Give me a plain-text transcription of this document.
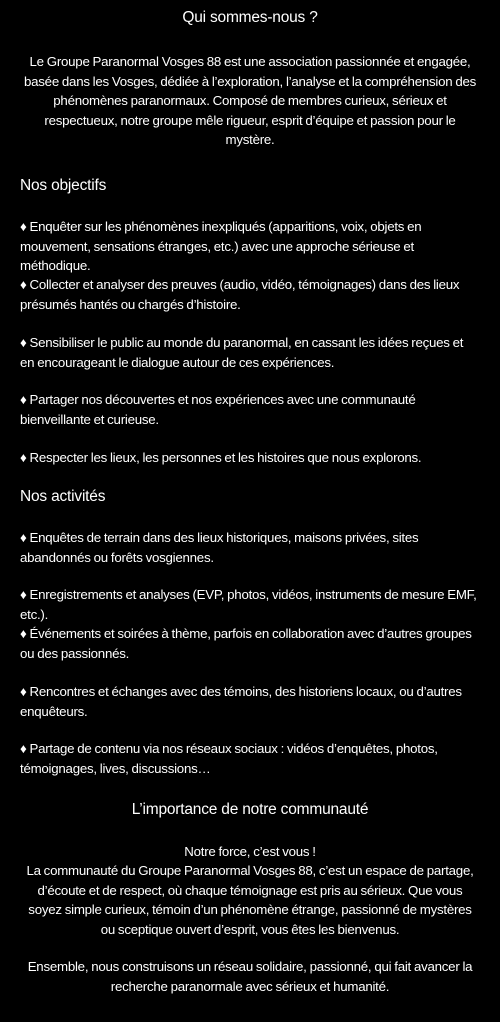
Qui sommes-nous ?
Le Groupe Paranormal Vosges 88 est une association passionnée et engagée, basée dans les Vosges, dédiée à l’exploration, l’analyse et la compréhension des phénomènes paranormaux. Composé de membres curieux, sérieux et respectueux, notre groupe mêle rigueur, esprit d’équipe et passion pour le mystère.
Nos objectifs
♦ Enquêter sur les phénomènes inexpliqués (apparitions, voix, objets en mouvement, sensations étranges, etc.) avec une approche sérieuse et méthodique.
♦ Collecter et analyser des preuves (audio, vidéo, témoignages) dans des lieux présumés hantés ou chargés d’histoire.
♦ Sensibiliser le public au monde du paranormal, en cassant les idées reçues et en encourageant le dialogue autour de ces expériences.
♦ Partager nos découvertes et nos expériences avec une communauté bienveillante et curieuse.
♦ Respecter les lieux, les personnes et les histoires que nous explorons.
Nos activités
♦ Enquêtes de terrain dans des lieux historiques, maisons privées, sites abandonnés ou forêts vosgiennes.
♦ Enregistrements et analyses (EVP, photos, vidéos, instruments de mesure EMF, etc.).
♦ Événements et soirées à thème, parfois en collaboration avec d’autres groupes ou des passionnés.
♦ Rencontres et échanges avec des témoins, des historiens locaux, ou d’autres enquêteurs.
♦ Partage de contenu via nos réseaux sociaux : vidéos d’enquêtes, photos, témoignages, lives, discussions…
L’importance de notre communauté
Notre force, c’est vous !
La communauté du Groupe Paranormal Vosges 88, c’est un espace de partage, d’écoute et de respect, où chaque témoignage est pris au sérieux. Que vous soyez simple curieux, témoin d’un phénomène étrange, passionné de mystères ou sceptique ouvert d’esprit, vous êtes les bienvenus.
Ensemble, nous construisons un réseau solidaire, passionné, qui fait avancer la recherche paranormale avec sérieux et humanité.
